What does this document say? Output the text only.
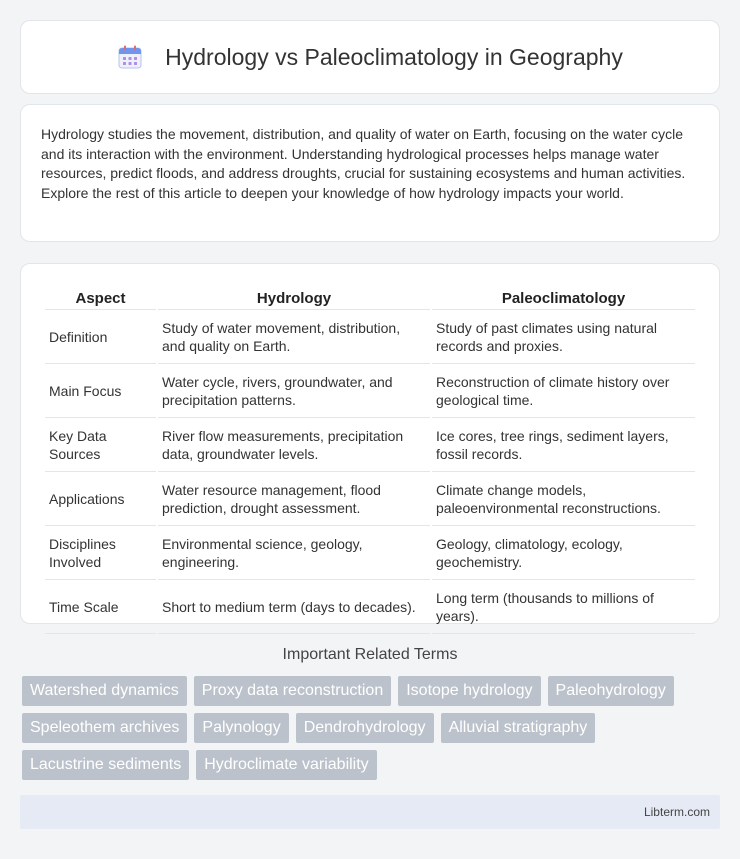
Hydrology vs Paleoclimatology in Geography

Hydrology studies the movement, distribution, and quality of water on Earth, focusing on the water cycle and its interaction with the environment. Understanding hydrological processes helps manage water resources, predict floods, and address droughts, crucial for sustaining ecosystems and human activities. Explore the rest of this article to deepen your knowledge of how hydrology impacts your world.

Aspect	Hydrology	Paleoclimatology
Definition	Study of water movement, distribution, and quality on Earth.	Study of past climates using natural records and proxies.
Main Focus	Water cycle, rivers, groundwater, and precipitation patterns.	Reconstruction of climate history over geological time.
Key Data Sources	River flow measurements, precipitation data, groundwater levels.	Ice cores, tree rings, sediment layers, fossil records.
Applications	Water resource management, flood prediction, drought assessment.	Climate change models, paleoenvironmental reconstructions.
Disciplines Involved	Environmental science, geology, engineering.	Geology, climatology, ecology, geochemistry.
Time Scale	Short to medium term (days to decades).	Long term (thousands to millions of years).
Important Related Terms
Watershed dynamics	Proxy data reconstruction	Isotope hydrology	Paleohydrology
Speleothem archives	Palynology	Dendrohydrology	Alluvial stratigraphy
Lacustrine sediments	Hydroclimate variability
Libterm.com
